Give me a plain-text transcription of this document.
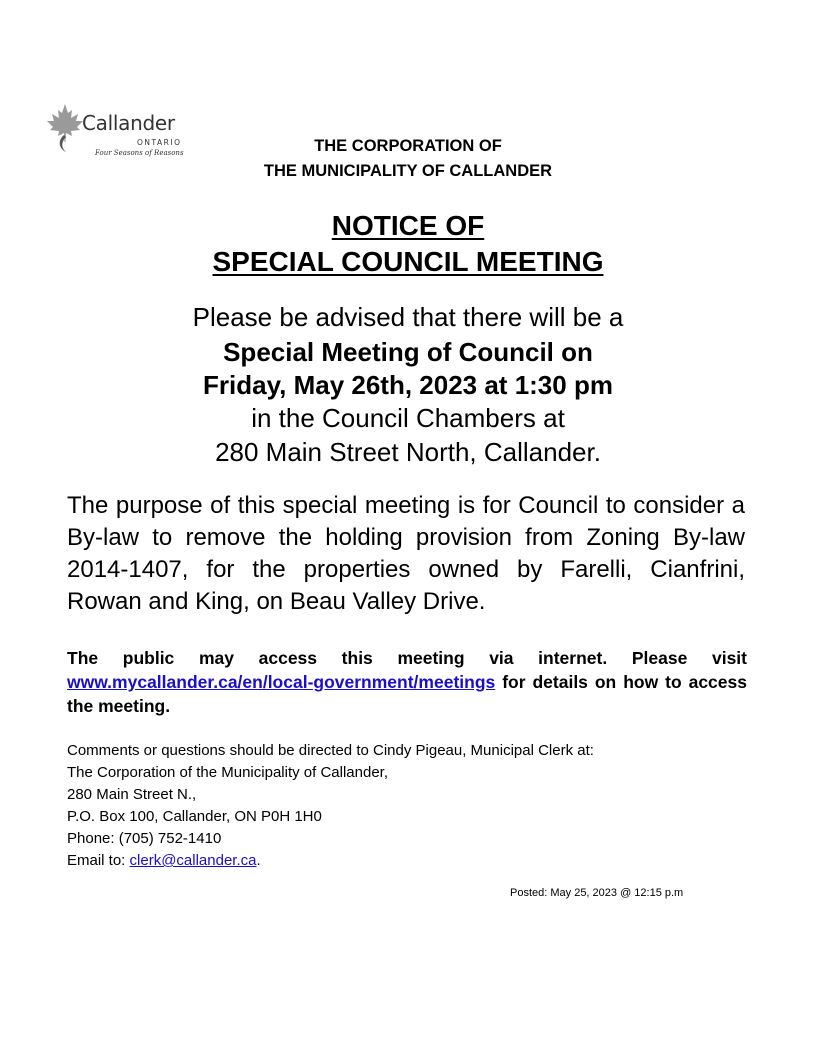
Callander
ONTARIO
Four Seasons of Reasons	THE CORPORATION OF
THE MUNICIPALITY OF CALLANDER
NOTICE OF
SPECIAL COUNCIL MEETING
Please be advised that there will be a
Special Meeting of Council on
Friday, May 26th, 2023 at 1:30 pm
in the Council Chambers at
280 Main Street North, Callander.
The purpose of this special meeting is for Council to consider a By-law to remove the holding provision from Zoning By-law 2014-1407, for the properties owned by Farelli, Cianfrini, Rowan and King, on Beau Valley Drive.
The public may access this meeting via internet. Please visit www.mycallander.ca/en/local-government/meetings for details on how to access the meeting.
Comments or questions should be directed to Cindy Pigeau, Municipal Clerk at:
The Corporation of the Municipality of Callander,
280 Main Street N.,
P.O. Box 100, Callander, ON P0H 1H0
Phone: (705) 752-1410
Email to: clerk@callander.ca.
Posted: May 25, 2023 @ 12:15 p.m
